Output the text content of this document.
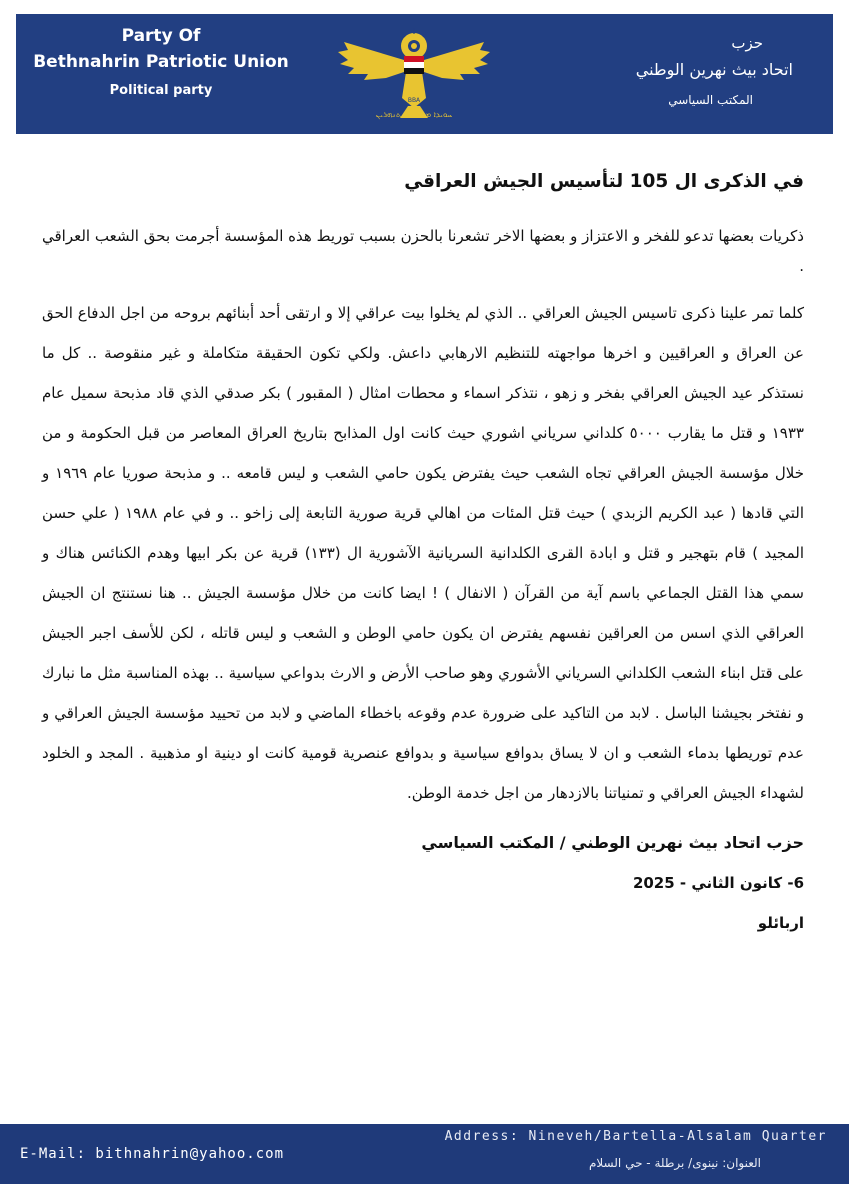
Party Of
Bethnahrin Patriotic Union
Political party
BBA
ܚܘܝܕܐ ܡܬܝܐ ܕܒܝܬܢܗܪܝܢ
حزب
اتحاد بيث نهرين الوطني
المكتب السياسي
في الذكرى ال 105 لتأسيس الجيش العراقي

ذكريات بعضها تدعو للفخر و الاعتزاز و بعضها الاخر تشعرنا بالحزن بسبب توريط هذه المؤسسة أجرمت بحق الشعب العراقي .

كلما تمر علينا ذكرى تاسيس الجيش العراقي .. الذي لم يخلوا بيت عراقي إلا و ارتقى أحد أبنائهم بروحه من اجل الدفاع الحق عن العراق و العراقيين و اخرها مواجهته للتنظيم الارهابي داعش. ولكي تكون الحقيقة متكاملة و غير منقوصة .. كل ما نستذكر عيد الجيش العراقي بفخر و زهو ، نتذكر اسماء و محطات امثال ( المقبور ) بكر صدقي الذي قاد مذبحة سميل عام ١٩٣٣ و قتل ما يقارب ٥٠٠٠ كلداني سرياني اشوري حيث كانت اول المذابح بتاريخ العراق المعاصر من قبل الحكومة و من خلال مؤسسة الجيش العراقي تجاه الشعب حيث يفترض يكون حامي الشعب و ليس قامعه .. و مذبحة صوريا عام ١٩٦٩ و التي قادها ( عبد الكريم الزبدي ) حيث قتل المئات من اهالي قرية صورية التابعة إلى زاخو .. و في عام ١٩٨٨ ( علي حسن المجيد ) قام بتهجير و قتل و ابادة القرى الكلدانية السريانية الآشورية ال (١٣٣) قرية عن بكر ابيها وهدم الكنائس هناك و سمي هذا القتل الجماعي باسم آية من القرآن ( الانفال ) ! ايضا كانت من خلال مؤسسة الجيش .. هنا نستنتج ان الجيش العراقي الذي اسس من العراقين نفسهم يفترض ان يكون حامي الوطن و الشعب و ليس قاتله ، لكن للأسف اجبر الجيش على قتل ابناء الشعب الكلداني السرياني الأشوري وهو صاحب الأرض و الارث بدواعي سياسية .. بهذه المناسبة مثل ما نبارك و نفتخر بجيشنا الباسل . لابد من التاكيد على ضرورة عدم وقوعه باخطاء الماضي و لابد من تحييد مؤسسة الجيش العراقي و عدم توريطها بدماء الشعب و ان لا يساق بدوافع سياسية و بدوافع عنصرية قومية كانت او دينية او مذهبية . المجد و الخلود لشهداء الجيش العراقي و تمنياتنا بالازدهار من اجل خدمة الوطن.

حزب اتحاد بيث نهرين الوطني / المكتب السياسي

6- كانون الثاني - 2025

اربائلو

E-Mail: bithnahrin@yahoo.com
Address: Nineveh/Bartella-Alsalam Quarter
العنوان: نينوى/ برطلة - حي السلام
